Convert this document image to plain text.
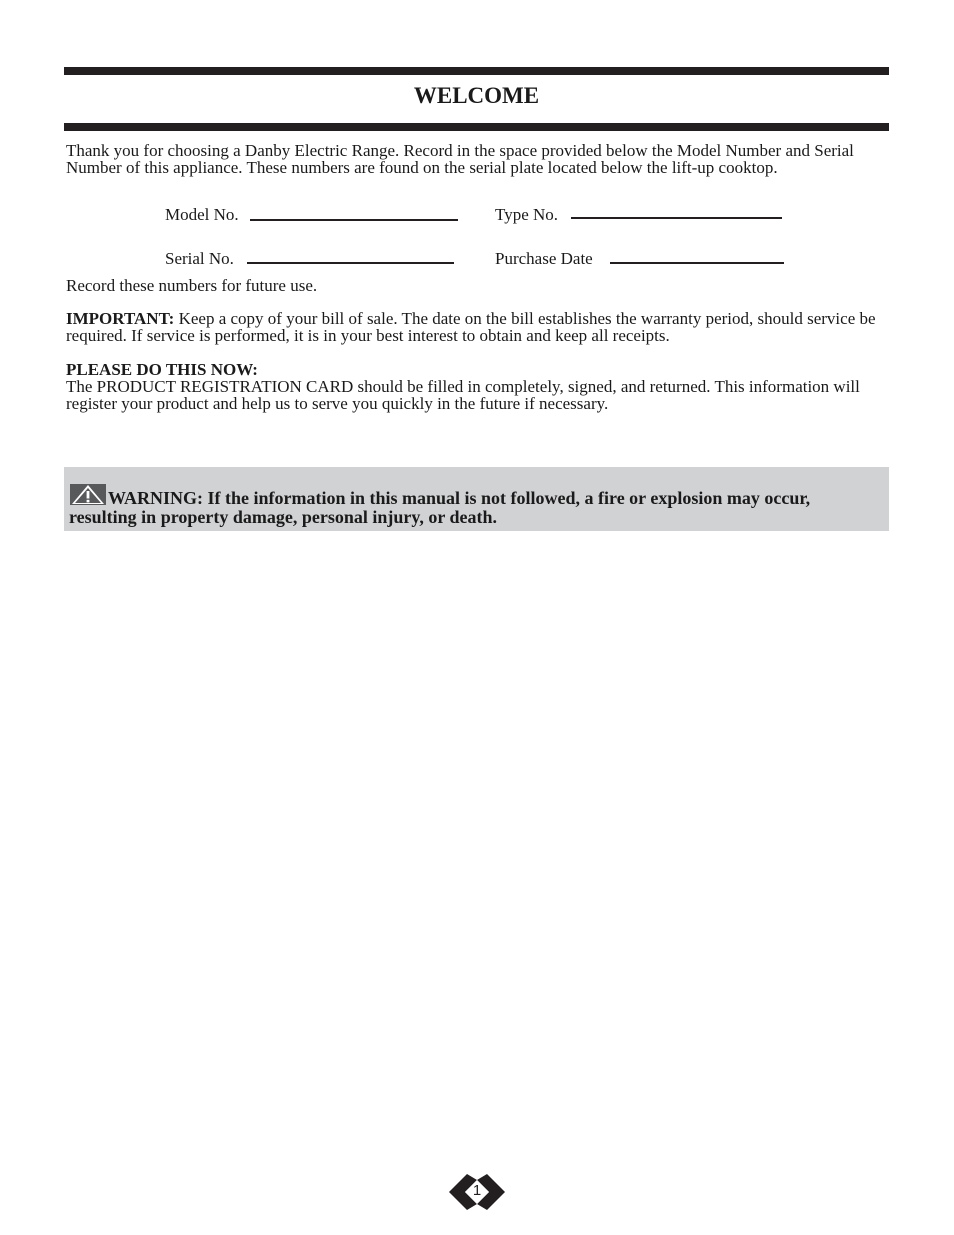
WELCOME

Thank you for choosing a Danby Electric Range. Record in the space provided below the Model Number and Serial Number of this appliance. These numbers are found on the serial plate located below the lift-up cooktop.

Model No.	Type No.
Serial No.	Purchase Date

Record these numbers for future use.

IMPORTANT: Keep a copy of your bill of sale. The date on the bill establishes the warranty period, should service be required. If service is performed, it is in your best interest to obtain and keep all receipts.

PLEASE DO THIS NOW:

The PRODUCT REGISTRATION CARD should be filled in completely, signed, and returned. This information will register your product and help us to serve you quickly in the future if necessary.

WARNING: If the information in this manual is not followed, a fire or explosion may occur, resulting in property damage, personal injury, or death.

1
